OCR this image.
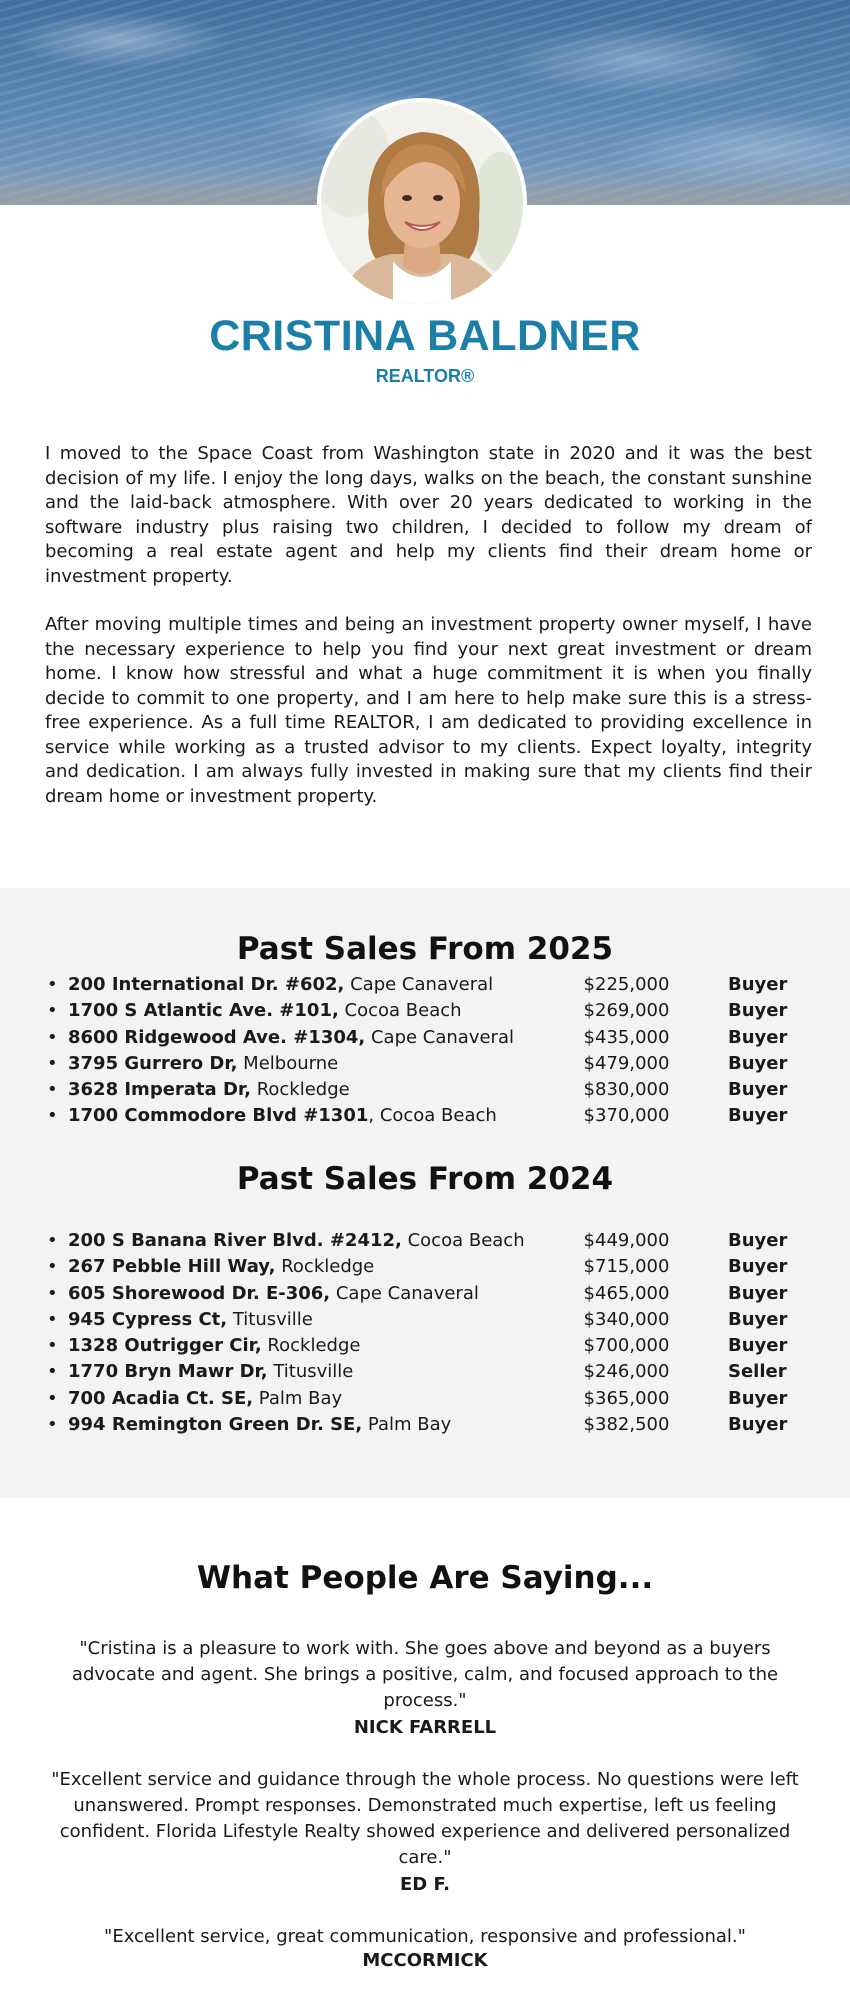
CRISTINA BALDNER
REALTOR®

I moved to the Space Coast from Washington state in 2020 and it was the best decision of my life. I enjoy the long days, walks on the beach, the constant sunshine and the laid-back atmosphere. With over 20 years dedicated to working in the software industry plus raising two children, I decided to follow my dream of becoming a real estate agent and help my clients find their dream home or investment property.

After moving multiple times and being an investment property owner myself, I have the necessary experience to help you find your next great investment or dream home. I know how stressful and what a huge commitment it is when you finally decide to commit to one property, and I am here to help make sure this is a stress-free experience. As a full time REALTOR, I am dedicated to providing excellence in service while working as a trusted advisor to my clients. Expect loyalty, integrity and dedication. I am always fully invested in making sure that my clients find their dream home or investment property.

Past Sales From 2025
• 200 International Dr. #602, Cape Canaveral	$225,000	Buyer
• 1700 S Atlantic Ave. #101, Cocoa Beach	$269,000	Buyer
• 8600 Ridgewood Ave. #1304, Cape Canaveral	$435,000	Buyer
• 3795 Gurrero Dr, Melbourne	$479,000	Buyer
• 3628 Imperata Dr, Rockledge	$830,000	Buyer
• 1700 Commodore Blvd #1301, Cocoa Beach	$370,000	Buyer
Past Sales From 2024
• 200 S Banana River Blvd. #2412, Cocoa Beach	$449,000	Buyer
• 267 Pebble Hill Way, Rockledge	$715,000	Buyer
• 605 Shorewood Dr. E-306, Cape Canaveral	$465,000	Buyer
• 945 Cypress Ct, Titusville	$340,000	Buyer
• 1328 Outrigger Cir, Rockledge	$700,000	Buyer
• 1770 Bryn Mawr Dr, Titusville	$246,000	Seller
• 700 Acadia Ct. SE, Palm Bay	$365,000	Buyer
• 994 Remington Green Dr. SE, Palm Bay	$382,500	Buyer
What People Are Saying...
"Cristina is a pleasure to work with. She goes above and beyond as a buyers advocate and agent. She brings a positive, calm, and focused approach to the process."
NICK FARRELL
"Excellent service and guidance through the whole process. No questions were left unanswered. Prompt responses. Demonstrated much expertise, left us feeling confident. Florida Lifestyle Realty showed experience and delivered personalized care."
ED F.
"Excellent service, great communication, responsive and professional."
MCCORMICK
